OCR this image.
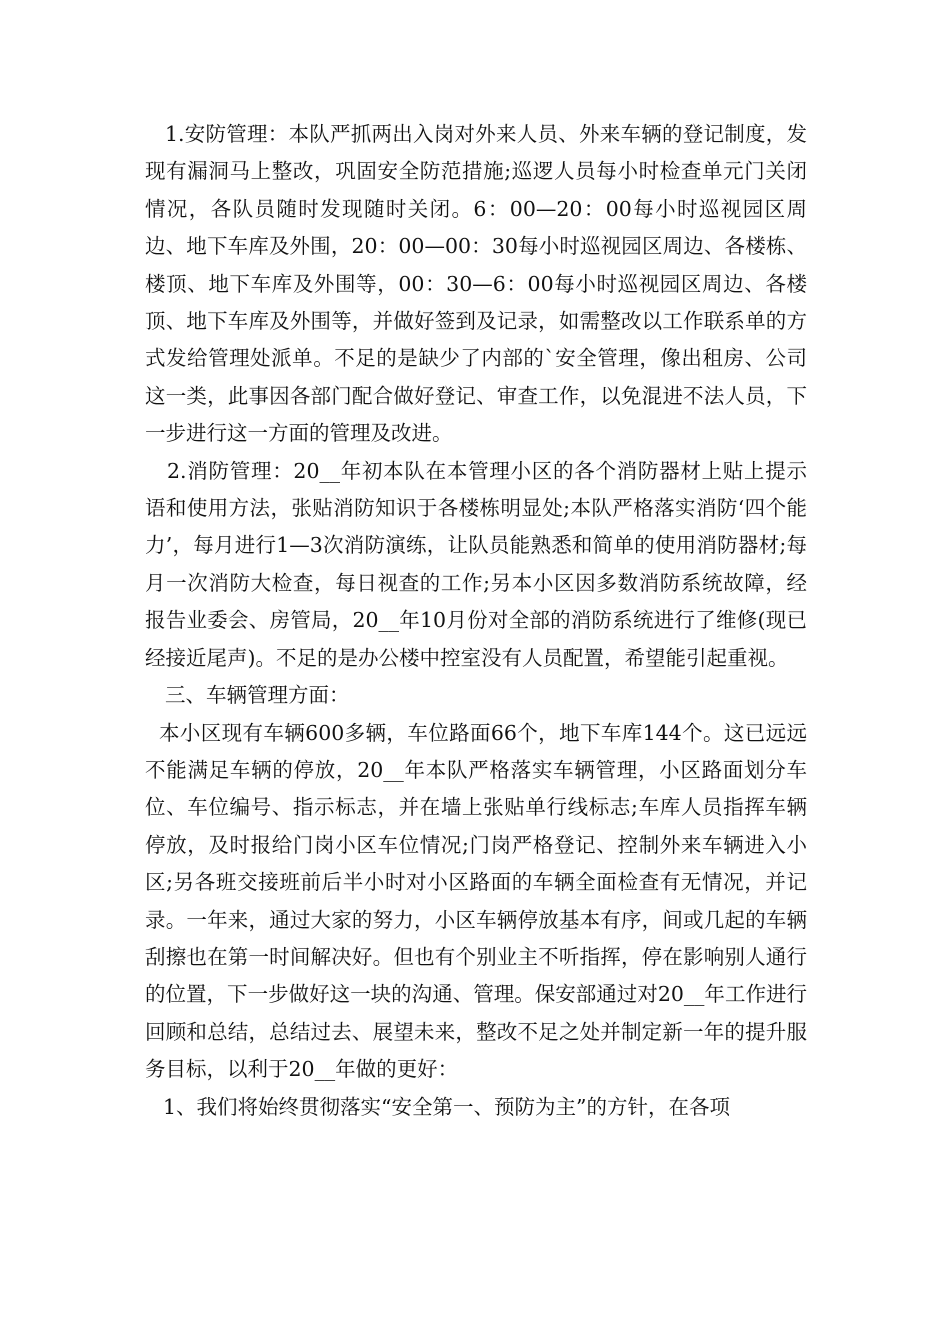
1.安防管理：本队严抓两出入岗对外来人员、外来车辆的登记制度，发现有漏洞马上整改，巩固安全防范措施;巡逻人员每小时检查单元门关闭情况，各队员随时发现随时关闭。6：00—20：00每小时巡视园区周边、地下车库及外围，20：00—00：30每小时巡视园区周边、各楼栋、楼顶、地下车库及外围等，00：30—6：00每小时巡视园区周边、各楼顶、地下车库及外围等，并做好签到及记录，如需整改以工作联系单的方式发给管理处派单。不足的是缺少了内部的`安全管理，像出租房、公司这一类，此事因各部门配合做好登记、审查工作，以免混进不法人员，下一步进行这一方面的管理及改进。

2.消防管理：20__年初本队在本管理小区的各个消防器材上贴上提示语和使用方法，张贴消防知识于各楼栋明显处;本队严格落实消防‘四个能力’，每月进行1—3次消防演练，让队员能熟悉和简单的使用消防器材;每月一次消防大检查，每日视查的工作;另本小区因多数消防系统故障，经报告业委会、房管局，20__年10月份对全部的消防系统进行了维修(现已经接近尾声)。不足的是办公楼中控室没有人员配置，希望能引起重视。

三、车辆管理方面：

本小区现有车辆600多辆，车位路面66个，地下车库144个。这已远远不能满足车辆的停放，20__年本队严格落实车辆管理，小区路面划分车位、车位编号、指示标志，并在墙上张贴单行线标志;车库人员指挥车辆停放，及时报给门岗小区车位情况;门岗严格登记、控制外来车辆进入小区;另各班交接班前后半小时对小区路面的车辆全面检查有无情况，并记录。一年来，通过大家的努力，小区车辆停放基本有序，间或几起的车辆刮擦也在第一时间解决好。但也有个别业主不听指挥，停在影响别人通行的位置，下一步做好这一块的沟通、管理。保安部通过对20__年工作进行回顾和总结，总结过去、展望未来，整改不足之处并制定新一年的提升服务目标，以利于20__年做的更好：

1、我们将始终贯彻落实“安全第一、预防为主”的方针，在各项
